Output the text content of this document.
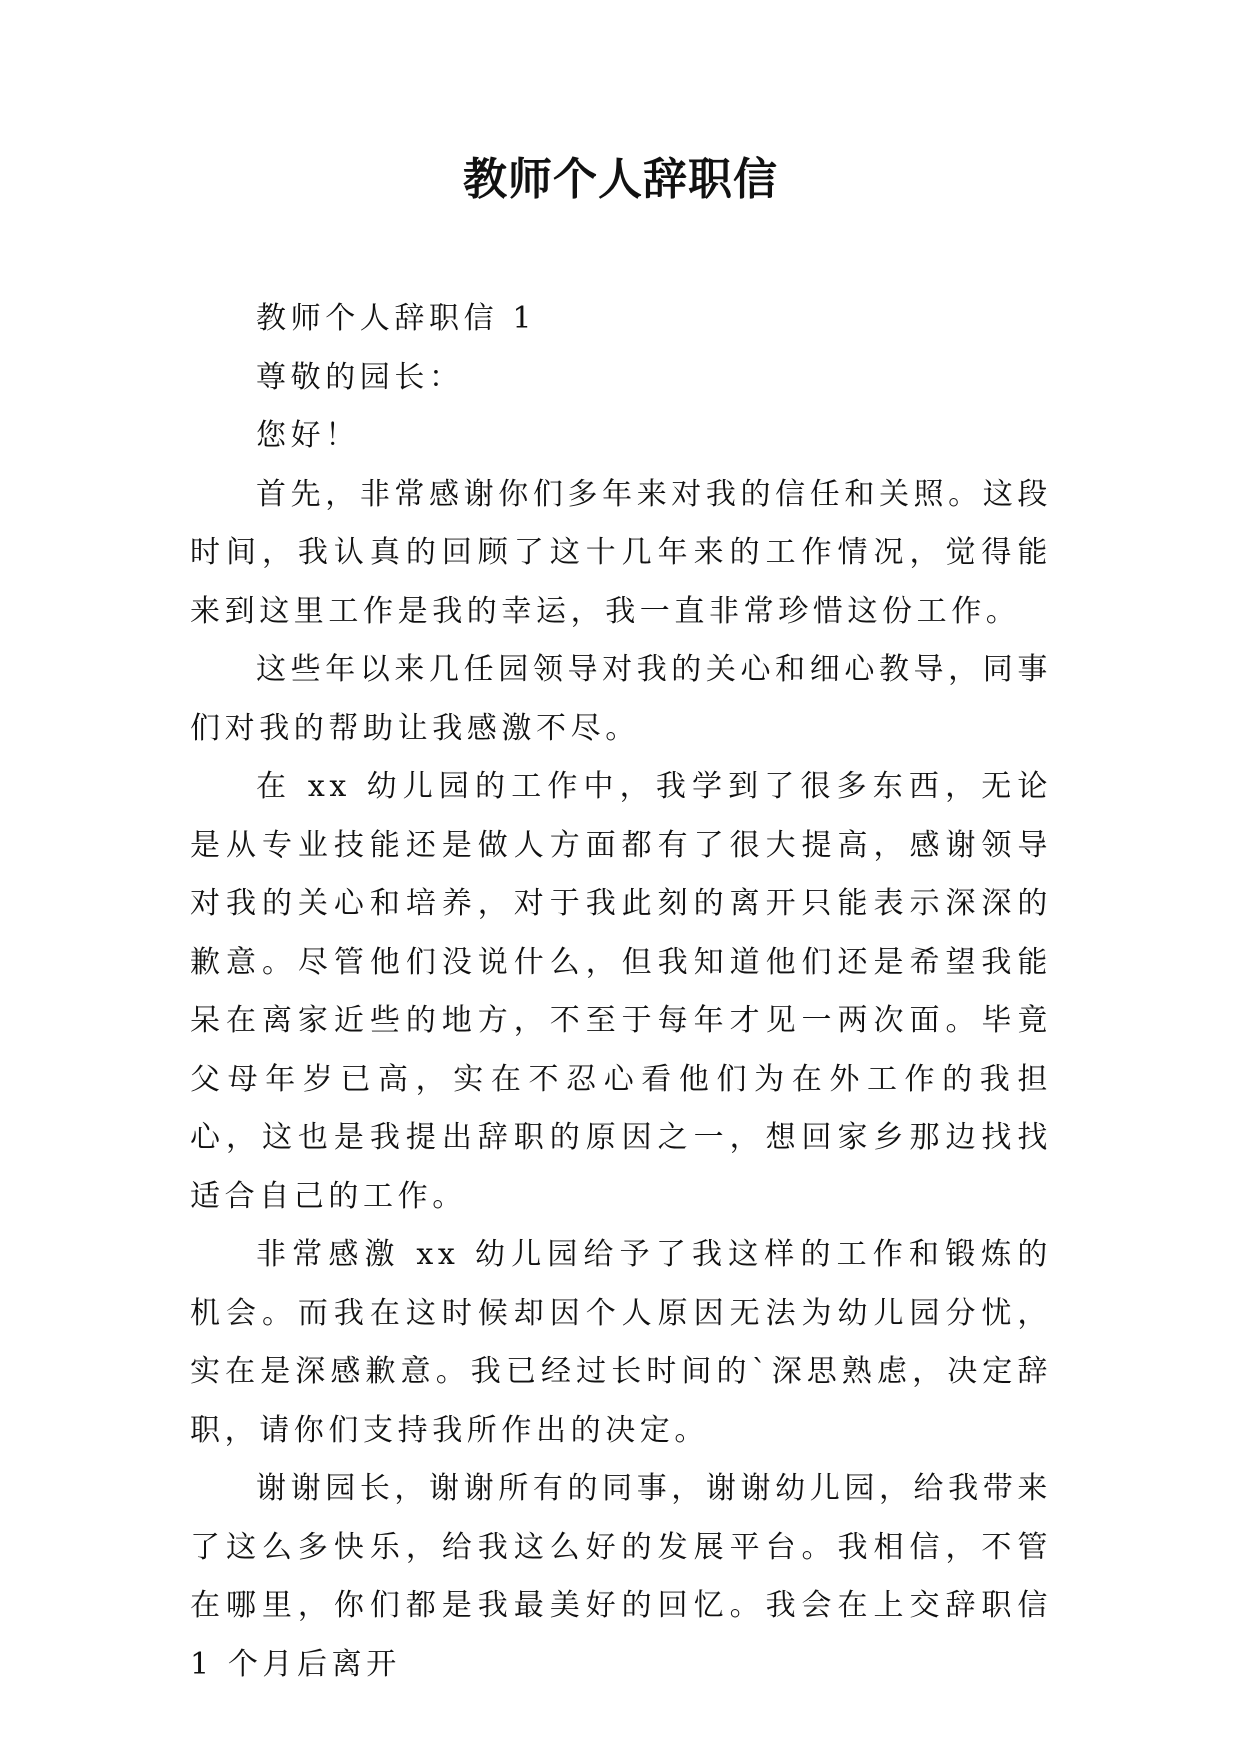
教师个人辞职信

教师个人辞职信 1

尊敬的园长：

您好！

首先，非常感谢你们多年来对我的信任和关照。这段时间，我认真的回顾了这十几年来的工作情况，觉得能来到这里工作是我的幸运，我一直非常珍惜这份工作。

这些年以来几任园领导对我的关心和细心教导，同事们对我的帮助让我感激不尽。

在 xx 幼儿园的工作中，我学到了很多东西，无论是从专业技能还是做人方面都有了很大提高，感谢领导对我的关心和培养，对于我此刻的离开只能表示深深的歉意。尽管他们没说什么，但我知道他们还是希望我能呆在离家近些的地方，不至于每年才见一两次面。毕竟父母年岁已高，实在不忍心看他们为在外工作的我担心，这也是我提出辞职的原因之一，想回家乡那边找找适合自己的工作。

非常感激 xx 幼儿园给予了我这样的工作和锻炼的机会。而我在这时候却因个人原因无法为幼儿园分忧，实在是深感歉意。我已经过长时间的`深思熟虑，决定辞职，请你们支持我所作出的决定。

谢谢园长，谢谢所有的同事，谢谢幼儿园，给我带来了这么多快乐，给我这么好的发展平台。我相信，不管在哪里，你们都是我最美好的回忆。我会在上交辞职信 1 个月后离开
